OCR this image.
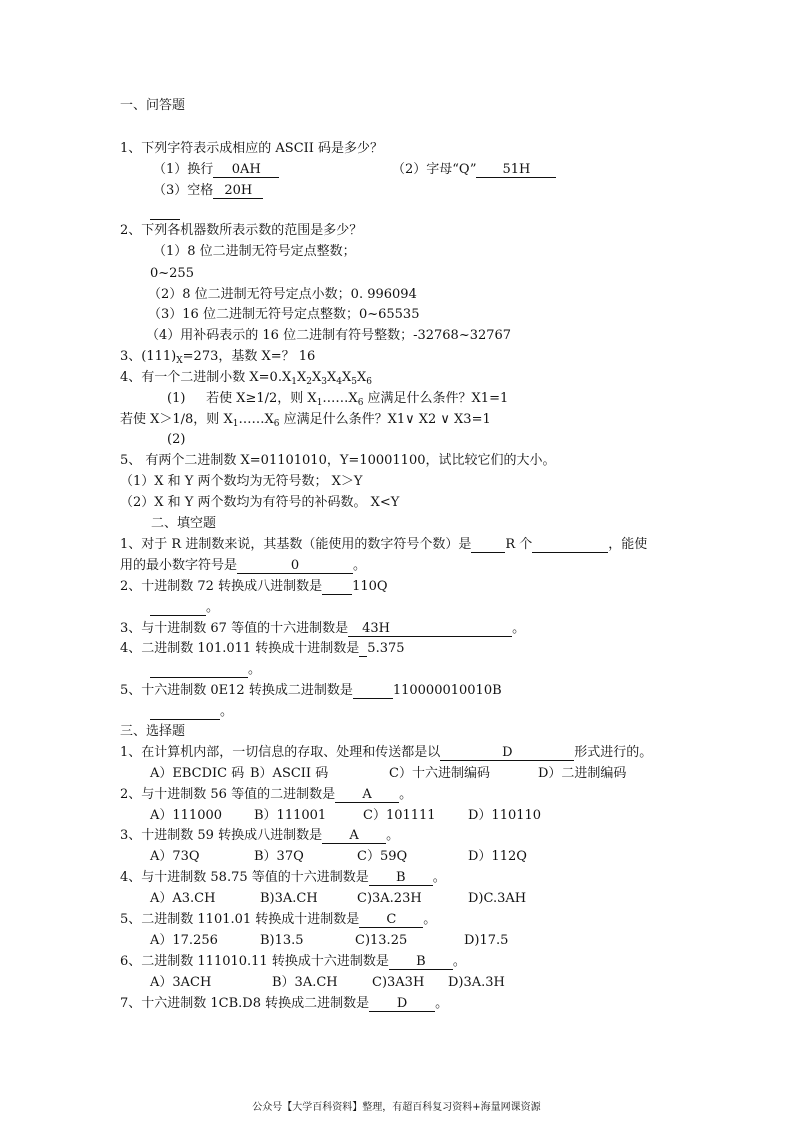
一、问答题
1、下列字符表示成相应的 ASCII 码是多少？
（1）换行 0AH	（2）字母“Q” 51H
（3）空格 20H

2、下列各机器数所表示数的范围是多少？
（1）8 位二进制无符号定点整数；
0~255
（2）8 位二进制无符号定点小数；0. 996094
（3）16 位二进制无符号定点整数；0~65535
（4）用补码表示的 16 位二进制有符号整数；-32768~32767
3、$(111)_X=273$，基数 X=？ 16
4、有一个二进制小数 $X=0.X_1X_2X_3X_4X_5X_6$
(1) 若使 X≥1/2，则 $X_1\dots\dots X_6$ 应满足什么条件？X1=1
若使 X＞1/8，则 $X_1\dots\dots X_6$ 应满足什么条件？X1∨ X2 ∨ X3=1
(2)
5、 有两个二进制数 X=01101010，Y=10001100，试比较它们的大小。
（1）X 和 Y 两个数均为无符号数； X＞Y
（2）X 和 Y 两个数均为有符号的补码数。 X<Y
二、填空题
1、对于 R 进制数来说，其基数（能使用的数字符号个数）是	R 个	，能使
用的最小数字符号是	0	。
2、十进制数 72 转换成八进制数是 110Q
。
3、与十进制数 67 等值的十六进制数是 43H	。
4、二进制数 101.011 转换成十进制数是 5.375
。
5、十六进制数 0E12 转换成二进制数是	110000010010B
。
三、选择题
1、在计算机内部，一切信息的存取、处理和传送都是以	D	形式进行的。
A）EBCDIC 码 B）ASCII 码	C）十六进制编码	D）二进制编码
2、与十进制数 56 等值的二进制数是 A 。
A）111000 B）111001	C）101111 D）110110
3、十进制数 59 转换成八进制数是 A 。
A）73Q	B）37Q	C）59Q	D）112Q
4、与十进制数 58.75 等值的十六进制数是 B 。
A）A3.CH	B)3A.CH	C)3A.23H	D)C.3AH
5、二进制数 1101.01 转换成十进制数是 C 。
A）17.256	B)13.5	C)13.25	D)17.5
6、二进制数 111010.11 转换成十六进制数是 B 。
A）3ACH	B）3A.CH	C)3A3H D)3A.3H
7、十六进制数 1CB.D8 转换成二进制数是 D 。
公众号【大学百科资料】整理，有超百科复习资料+海量网课资源
